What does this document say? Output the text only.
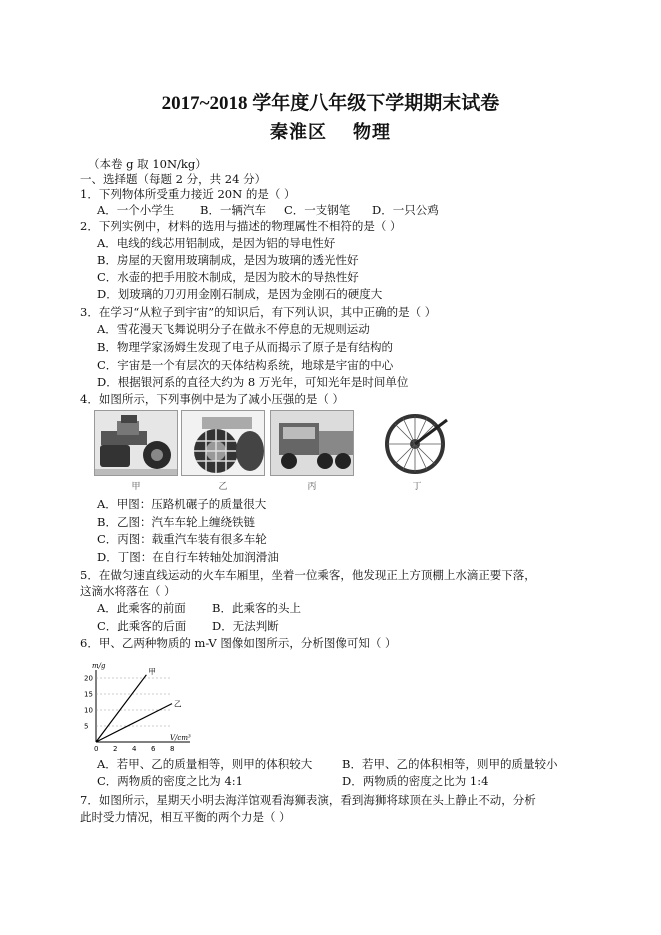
2017~2018 学年度八年级下学期期末试卷
秦淮区 物理
（本卷 g 取 10N/kg）
一、选择题（每题 2 分，共 24 分）
1．下列物体所受重力接近 20N 的是（ ）
A．一个小学生 B．一辆汽车 C．一支钢笔 D．一只公鸡
2．下列实例中，材料的选用与描述的物理属性不相符的是（ ）
A．电线的线芯用铝制成，是因为铝的导电性好
B．房屋的天窗用玻璃制成，是因为玻璃的透光性好
C．水壶的把手用胶木制成，是因为胶木的导热性好
D．划玻璃的刀刃用金刚石制成，是因为金刚石的硬度大
3．在学习“从粒子到宇宙”的知识后，有下列认识，其中正确的是（ ）
A．雪花漫天飞舞说明分子在做永不停息的无规则运动
B．物理学家汤姆生发现了电子从而揭示了原子是有结构的
C．宇宙是一个有层次的天体结构系统，地球是宇宙的中心
D．根据银河系的直径大约为 8 万光年，可知光年是时间单位
4．如图所示，下列事例中是为了减小压强的是（ ）
甲	乙	丙	丁
A．甲图：压路机碾子的质量很大
B．乙图：汽车车轮上缠绕铁链
C．丙图：载重汽车装有很多车轮
D．丁图：在自行车转轴处加润滑油
5．在做匀速直线运动的火车车厢里，坐着一位乘客，他发现正上方顶棚上水滴正要下落，
这滴水将落在（ ）
A．此乘客的前面 B．此乘客的头上
C．此乘客的后面 D．无法判断
6．甲、乙两种物质的 m-V 图像如图所示，分析图像可知（ ）
0 2 4 6 8
5
10
15
20
甲
乙
m/g
V/cm³
A．若甲、乙的质量相等，则甲的体积较大	B．若甲、乙的体积相等，则甲的质量较小
C．两物质的密度之比为 4:1	D．两物质的密度之比为 1:4
7．如图所示，星期天小明去海洋馆观看海狮表演，看到海狮将球顶在头上静止不动，分析
此时受力情况，相互平衡的两个力是（ ）
